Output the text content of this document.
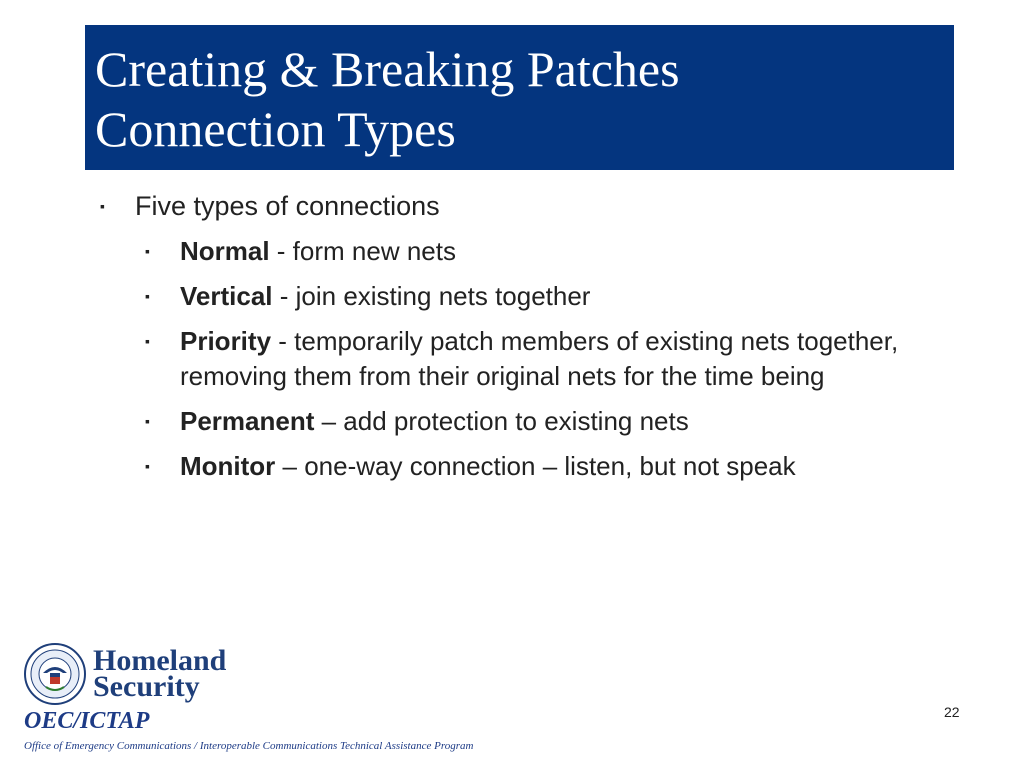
Creating & Breaking Patches
Connection Types
▪ Five types of connections
▪ Normal - form new nets
▪ Vertical - join existing nets together
▪ Priority - temporarily patch members of existing nets together, removing them from their original nets for the time being
▪ Permanent – add protection to existing nets
▪ Monitor – one-way connection – listen, but not speak
Homeland
Security
OEC/ICTAP
Office of Emergency Communications / Interoperable Communications Technical Assistance Program
22
